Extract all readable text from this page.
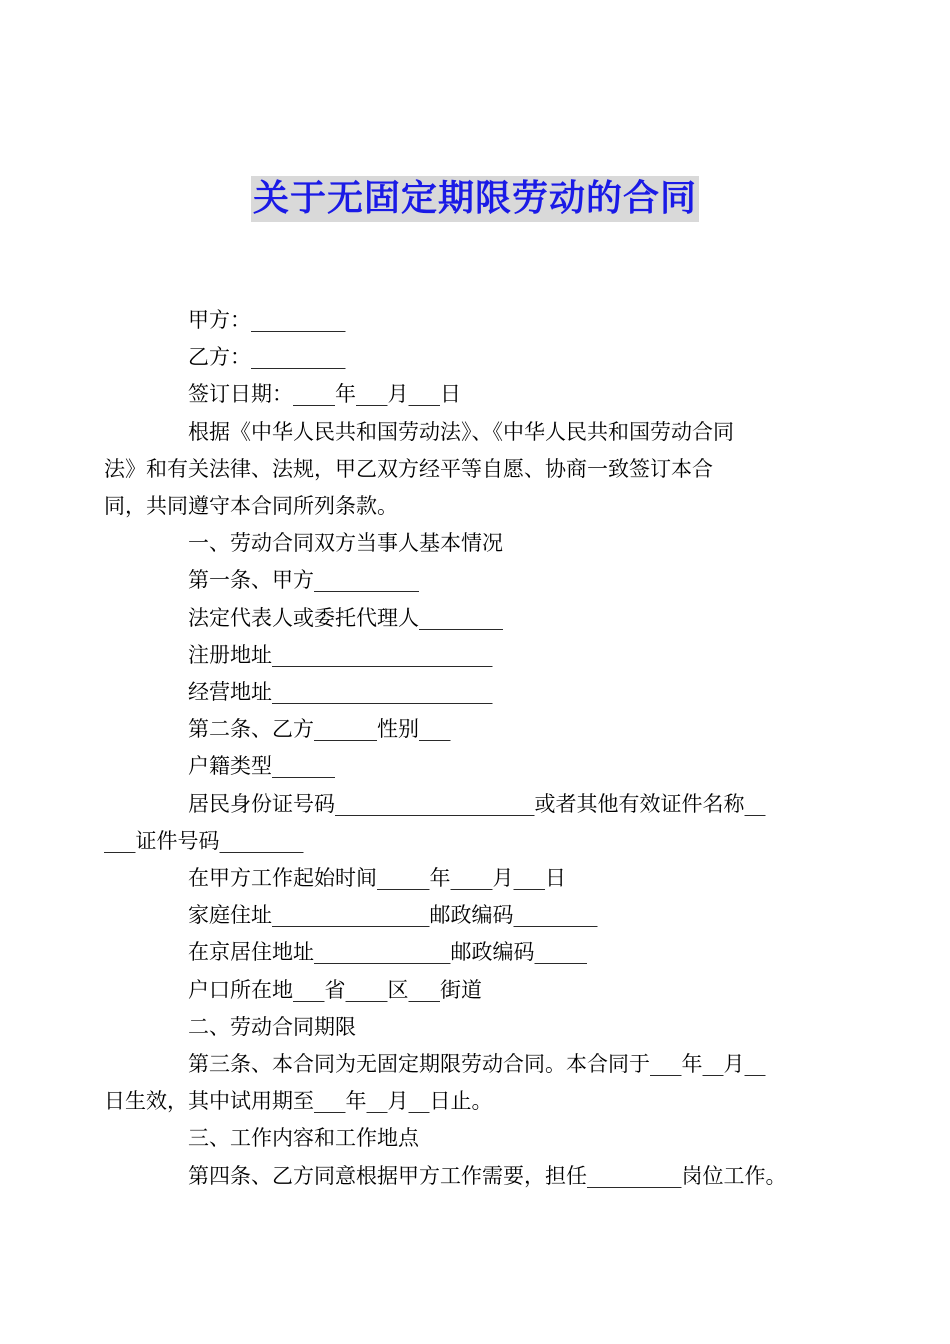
关于无固定期限劳动的合同

甲方：_________

乙方：_________

签订日期：____年___月___日

根据《中华人民共和国劳动法》、《中华人民共和国劳动合同
法》和有关法律、法规，甲乙双方经平等自愿、协商一致签订本合
同，共同遵守本合同所列条款。

一、劳动合同双方当事人基本情况

第一条、甲方__________

法定代表人或委托代理人________

注册地址_____________________

经营地址_____________________

第二条、乙方______性别___

户籍类型______

居民身份证号码___________________或者其他有效证件名称__
___证件号码________

在甲方工作起始时间_____年____月___日

家庭住址_______________邮政编码________

在京居住地址_____________邮政编码_____

户口所在地___省____区___街道

二、劳动合同期限

第三条、本合同为无固定期限劳动合同。本合同于___年__月__
日生效，其中试用期至___年__月__日止。

三、工作内容和工作地点

第四条、乙方同意根据甲方工作需要，担任_________岗位工作。
